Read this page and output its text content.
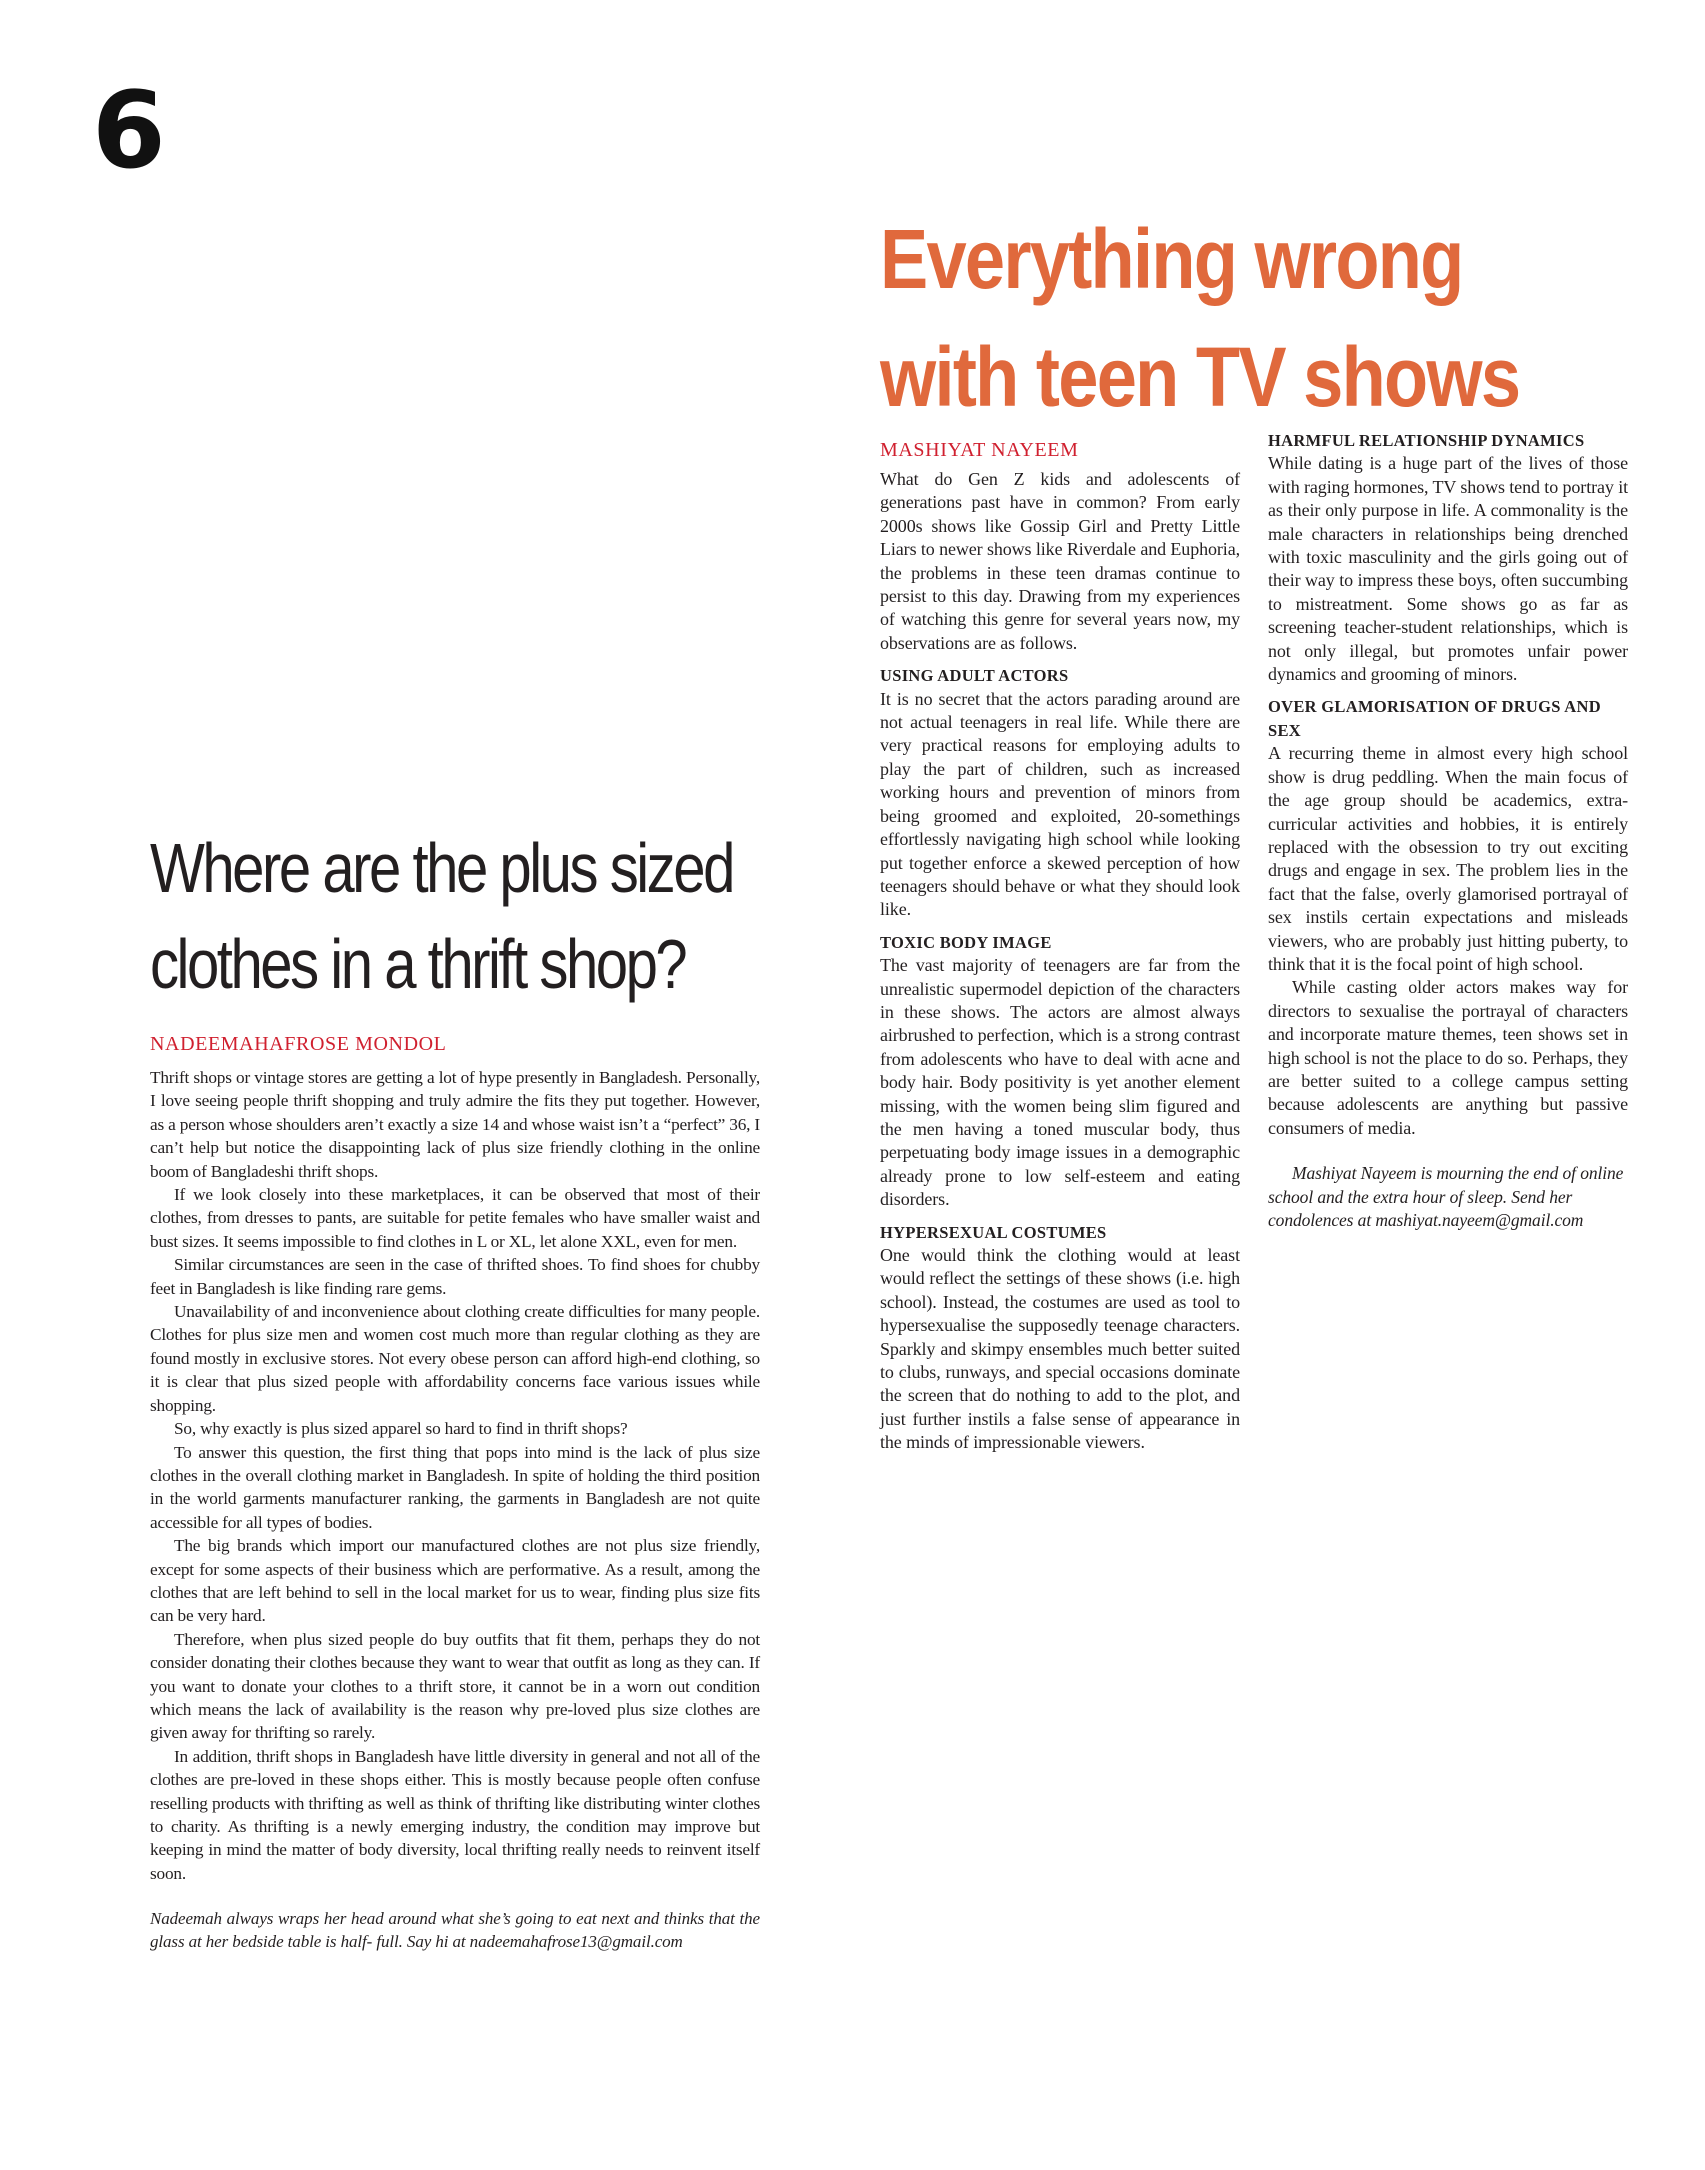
6
Where are the plus sized
clothes in a thrift shop?
NADEEMAHAFROSE MONDOL

Thrift shops or vintage stores are getting a lot of hype presently in Bangladesh. Personally, I love seeing people thrift shopping and truly admire the fits they put together. However, as a person whose shoulders aren’t exactly a size 14 and whose waist isn’t a “perfect” 36, I can’t help but notice the disappointing lack of plus size friendly clothing in the online boom of Bangladeshi thrift shops.

If we look closely into these marketplaces, it can be observed that most of their clothes, from dresses to pants, are suitable for petite females who have smaller waist and bust sizes. It seems impossible to find clothes in L or XL, let alone XXL, even for men.

Similar circumstances are seen in the case of thrifted shoes. To find shoes for chubby feet in Bangladesh is like finding rare gems.

Unavailability of and inconvenience about clothing create difficulties for many people. Clothes for plus size men and women cost much more than regular clothing as they are found mostly in exclusive stores. Not every obese person can afford high-end clothing, so it is clear that plus sized people with affordability concerns face various issues while shopping.

So, why exactly is plus sized apparel so hard to find in thrift shops?

To answer this question, the first thing that pops into mind is the lack of plus size clothes in the overall clothing market in Bangladesh. In spite of holding the third position in the world garments manufacturer ranking, the garments in Bangladesh are not quite accessible for all types of bodies.

The big brands which import our manufactured clothes are not plus size friendly, except for some aspects of their business which are performative. As a result, among the clothes that are left behind to sell in the local market for us to wear, finding plus size fits can be very hard.

Therefore, when plus sized people do buy outfits that fit them, perhaps they do not consider donating their clothes because they want to wear that outfit as long as they can. If you want to donate your clothes to a thrift store, it cannot be in a worn out condition which means the lack of availability is the reason why pre-loved plus size clothes are given away for thrifting so rarely.

In addition, thrift shops in Bangladesh have little diversity in general and not all of the clothes are pre-loved in these shops either. This is mostly because people often confuse reselling products with thrifting as well as think of thrifting like distributing winter clothes to charity. As thrifting is a newly emerging industry, the condition may improve but keeping in mind the matter of body diversity, local thrifting really needs to reinvent itself soon.

Nadeemah always wraps her head around what she’s going to eat next and thinks that the glass at her bedside table is half- full. Say hi at nadeemahafrose13@gmail.com
Everything wrong
with teen TV shows
MASHIYAT NAYEEM

What do Gen Z kids and adolescents of generations past have in common? From early 2000s shows like Gossip Girl and Pretty Little Liars to newer shows like Riverdale and Euphoria, the problems in these teen dramas continue to persist to this day. Drawing from my experiences of watching this genre for several years now, my observations are as follows.

USING ADULT ACTORS

It is no secret that the actors parading around are not actual teenagers in real life. While there are very practical reasons for employing adults to play the part of children, such as increased working hours and prevention of minors from being groomed and exploited, 20-somethings effortlessly navigating high school while looking put together enforce a skewed perception of how teenagers should behave or what they should look like.

TOXIC BODY IMAGE

The vast majority of teenagers are far from the unrealistic supermodel depiction of the characters in these shows. The actors are almost always airbrushed to perfection, which is a strong contrast from adolescents who have to deal with acne and body hair. Body positivity is yet another element missing, with the women being slim figured and the men having a toned muscular body, thus perpetuating body image issues in a demographic already prone to low self-esteem and eating disorders.

HYPERSEXUAL COSTUMES

One would think the clothing would at least would reflect the settings of these shows (i.e. high school). Instead, the costumes are used as tool to hypersexualise the supposedly teenage characters. Sparkly and skimpy ensembles much better suited to clubs, runways, and special occasions dominate the screen that do nothing to add to the plot, and just further instils a false sense of appearance in the minds of impressionable viewers.

HARMFUL RELATIONSHIP DYNAMICS

While dating is a huge part of the lives of those with raging hormones, TV shows tend to portray it as their only purpose in life. A commonality is the male characters in relationships being drenched with toxic masculinity and the girls going out of their way to impress these boys, often succumbing to mistreatment. Some shows go as far as screening teacher-student relationships, which is not only illegal, but promotes unfair power dynamics and grooming of minors.

OVER GLAMORISATION OF DRUGS AND SEX

A recurring theme in almost every high school show is drug peddling. When the main focus of the age group should be academics, extra-curricular activities and hobbies, it is entirely replaced with the obsession to try out exciting drugs and engage in sex. The problem lies in the fact that the false, overly glamorised portrayal of sex instils certain expectations and misleads viewers, who are probably just hitting puberty, to think that it is the focal point of high school.

While casting older actors makes way for directors to sexualise the portrayal of characters and incorporate mature themes, teen shows set in high school is not the place to do so. Perhaps, they are better suited to a college campus setting because adolescents are anything but passive consumers of media.

Mashiyat Nayeem is mourning the end of online school and the extra hour of sleep. Send her condolences at mashiyat.nayeem@gmail.com
